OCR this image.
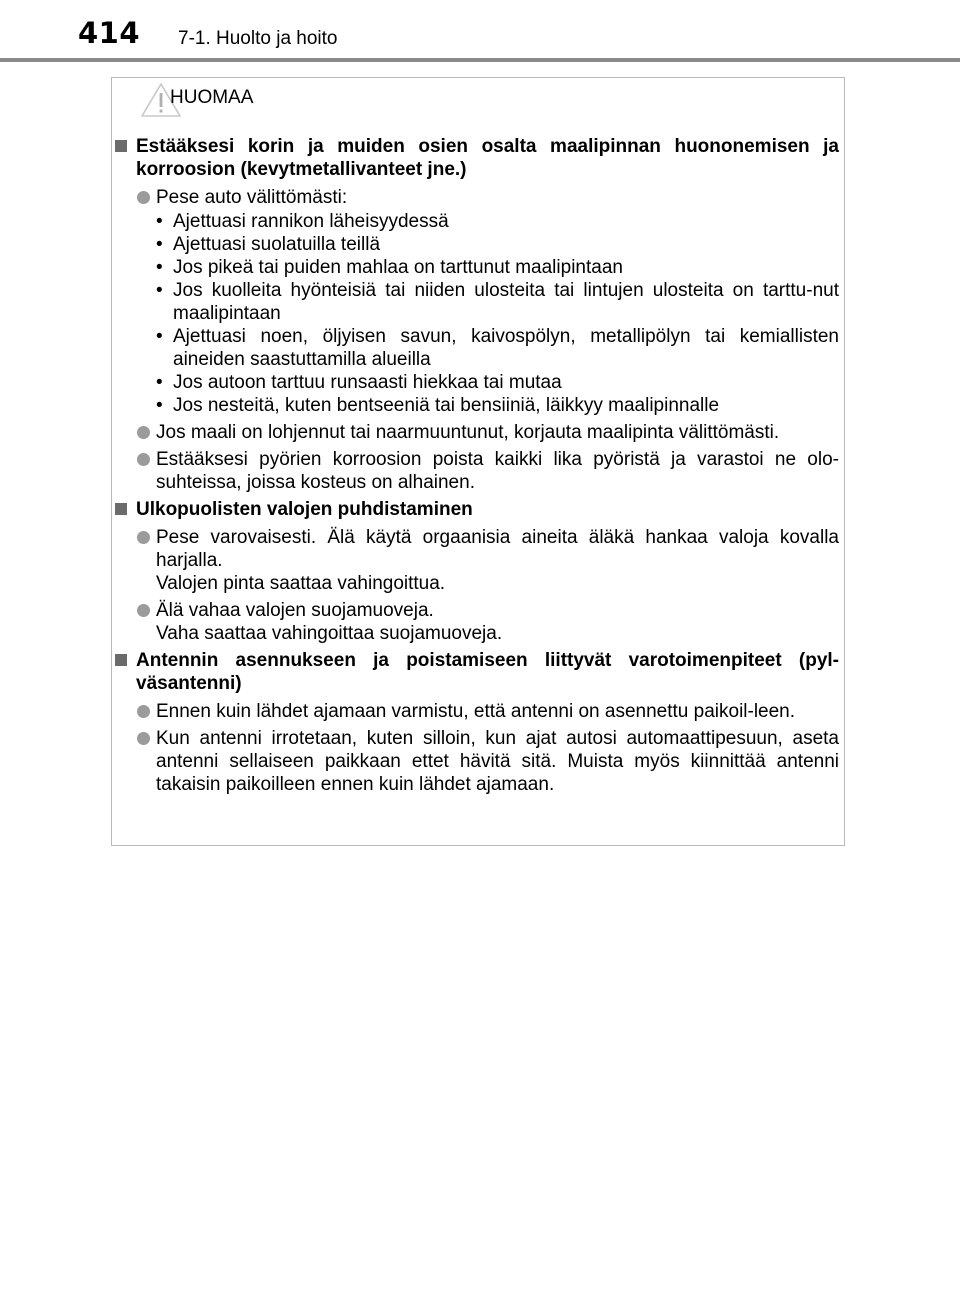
414 7-1. Huolto ja hoito
HUOMAA
Estääksesi korin ja muiden osien osalta maalipinnan huononemisen ja korroosion (kevytmetallivanteet jne.)
Pese auto välittömästi:
• Ajettuasi rannikon läheisyydessä
• Ajettuasi suolatuilla teillä
• Jos pikeä tai puiden mahlaa on tarttunut maalipintaan
• Jos kuolleita hyönteisiä tai niiden ulosteita tai lintujen ulosteita on tarttu-nut maalipintaan
• Ajettuasi noen, öljyisen savun, kaivospölyn, metallipölyn tai kemiallisten aineiden saastuttamilla alueilla
• Jos autoon tarttuu runsaasti hiekkaa tai mutaa
• Jos nesteitä, kuten bentseeniä tai bensiiniä, läikkyy maalipinnalle
Jos maali on lohjennut tai naarmuuntunut, korjauta maalipinta välittömästi.
Estääksesi pyörien korroosion poista kaikki lika pyöristä ja varastoi ne olo-suhteissa, joissa kosteus on alhainen.
Ulkopuolisten valojen puhdistaminen
Pese varovaisesti. Älä käytä orgaanisia aineita äläkä hankaa valoja kovalla harjalla.
Valojen pinta saattaa vahingoittua.
Älä vahaa valojen suojamuoveja.
Vaha saattaa vahingoittaa suojamuoveja.
Antennin asennukseen ja poistamiseen liittyvät varotoimenpiteet (pyl-väsantenni)
Ennen kuin lähdet ajamaan varmistu, että antenni on asennettu paikoil-leen.
Kun antenni irrotetaan, kuten silloin, kun ajat autosi automaattipesuun, aseta antenni sellaiseen paikkaan ettet hävitä sitä. Muista myös kiinnittää antenni takaisin paikoilleen ennen kuin lähdet ajamaan.
